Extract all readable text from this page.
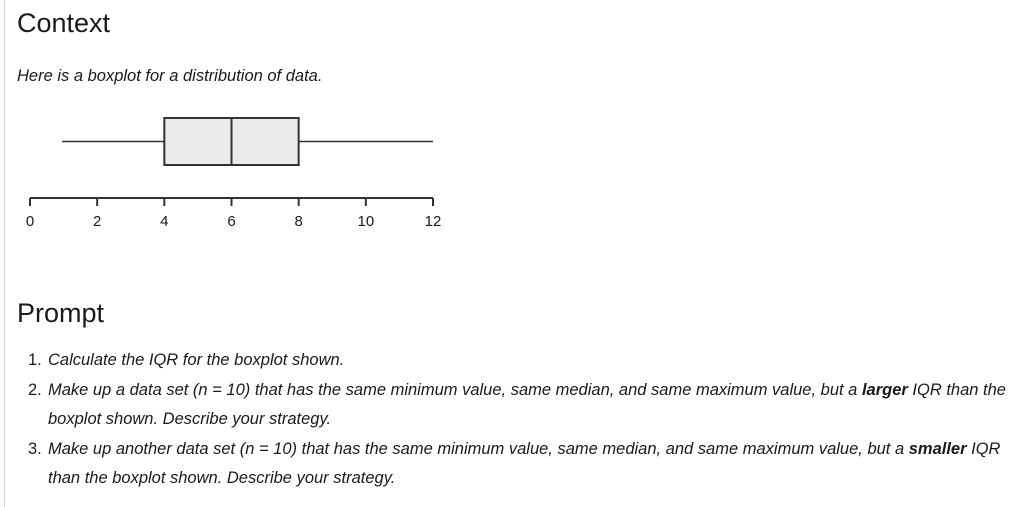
Context

Here is a boxplot for a distribution of data.

0	2	4	6	8	10	12
Prompt
1. Calculate the IQR for the boxplot shown.
2. Make up a data set (n = 10) that has the same minimum value, same median, and same maximum value, but a larger IQR than the boxplot shown. Describe your strategy.
3. Make up another data set (n = 10) that has the same minimum value, same median, and same maximum value, but a smaller IQR than the boxplot shown. Describe your strategy.
